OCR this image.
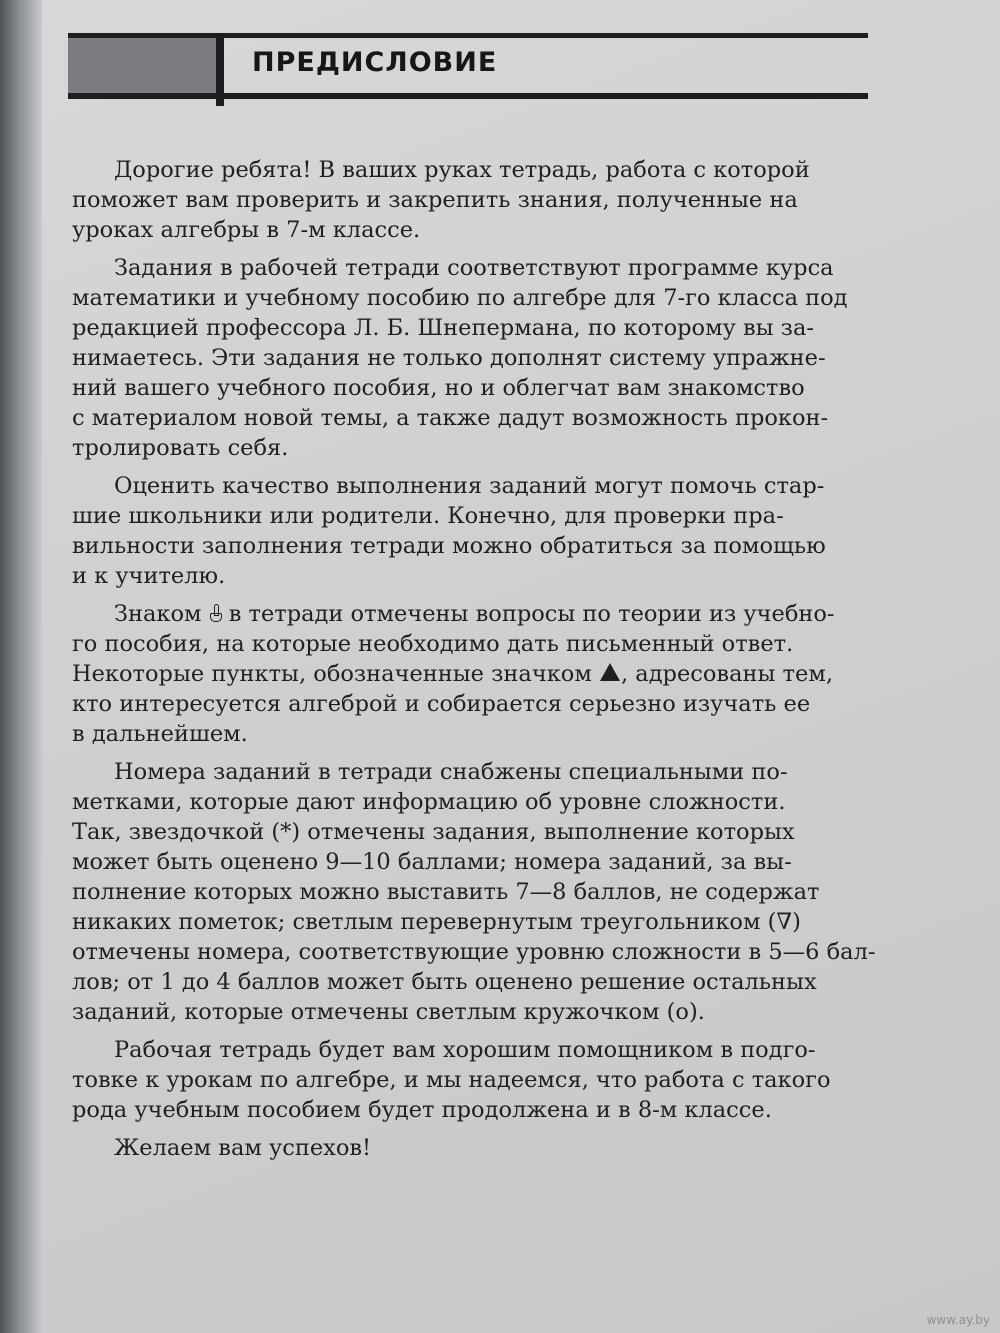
ПРЕДИСЛОВИЕ
Дорогие ребята! В ваших руках тетрадь, работа с которой
поможет вам проверить и закрепить знания, полученные на
уроках алгебры в 7-м классе.
Задания в рабочей тетради соответствуют программе курса
математики и учебному пособию по алгебре для 7-го класса под
редакцией профессора Л. Б. Шнепермана, по которому вы за-
нимаетесь. Эти задания не только дополнят систему упражне-
ний вашего учебного пособия, но и облегчат вам знакомство
с материалом новой темы, а также дадут возможность прокон-
тролировать себя.
Оценить качество выполнения заданий могут помочь стар-
шие школьники или родители. Конечно, для проверки пра-
вильности заполнения тетради можно обратиться за помощью
и к учителю.
Знаком в тетради отмечены вопросы по теории из учебно-
го пособия, на которые необходимо дать письменный ответ.
Некоторые пункты, обозначенные значком , адресованы тем,
кто интересуется алгеброй и собирается серьезно изучать ее
в дальнейшем.
Номера заданий в тетради снабжены специальными по-
метками, которые дают информацию об уровне сложности.
Так, звездочкой (*) отмечены задания, выполнение которых
может быть оценено 9—10 баллами; номера заданий, за вы-
полнение которых можно выставить 7—8 баллов, не содержат
никаких пометок; светлым перевернутым треугольником (∇)
отмечены номера, соответствующие уровню сложности в 5—6 бал-
лов; от 1 до 4 баллов может быть оценено решение остальных
заданий, которые отмечены светлым кружочком (о).
Рабочая тетрадь будет вам хорошим помощником в подго-
товке к урокам по алгебре, и мы надеемся, что работа с такого
рода учебным пособием будет продолжена и в 8-м классе.
Желаем вам успехов!
www.ay.by
